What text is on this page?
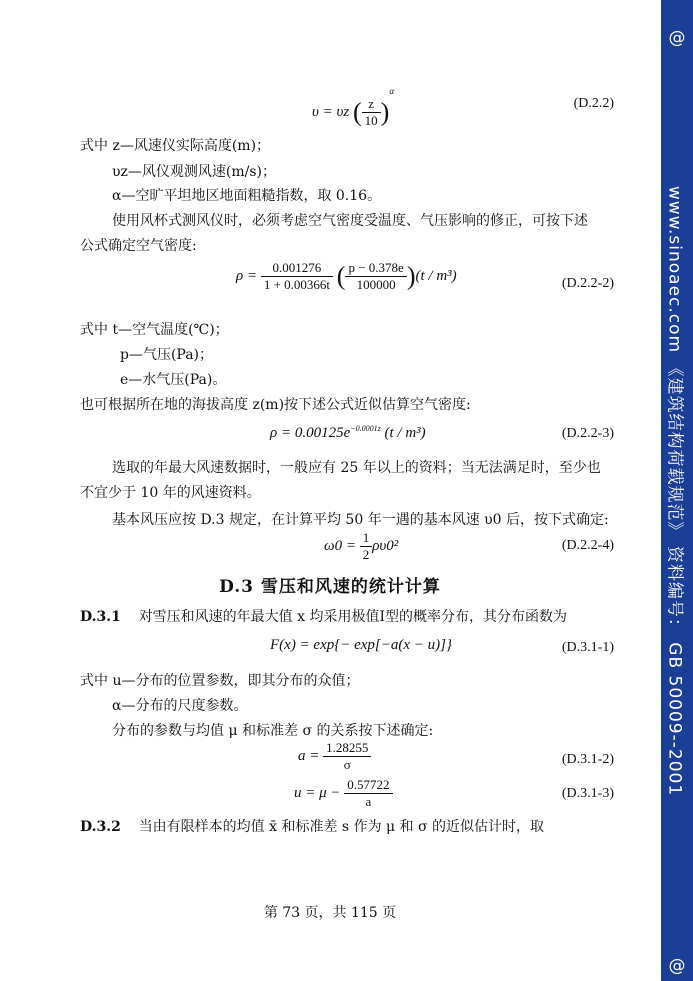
υ = υz ( $\frac{z}{10} )^\alpha$
(D.2.2)
式中 z—风速仪实际高度(m)；
υz—风仪观测风速(m/s)；
α—空旷平坦地区地面粗糙指数，取 0.16。
使用风杯式测风仪时，必须考虑空气密度受温度、气压影响的修正，可按下述
公式确定空气密度:
$\rho = \frac{0.001276}{1 + 0.00366t}$ ( $\frac{p - 0.378e}{100000} )(t / m^3)$	(D.2.2-2)
式中 t—空气温度(℃)；
p—气压(Pa)；
e—水气压(Pa)。
也可根据所在地的海拔高度 z(m)按下述公式近似估算空气密度:
$\rho = 0.00125e^{-0.0001z}$ (t / m³)	(D.2.2-3)
选取的年最大风速数据时，一般应有 25 年以上的资料；当无法满足时，至少也
不宜少于 10 年的风速资料。
基本风压应按 D.3 规定，在计算平均 50 年一遇的基本风速 υ0 后，按下式确定:
$\omega 0 = \frac{1}{2} \rho\upsilon 0^2$	(D.2.2-4)
D.3 雪压和风速的统计计算
D.3.1 对雪压和风速的年最大值 x 均采用极值Ⅰ型的概率分布，其分布函数为
F(x) = exp{− exp[−a(x − u)]}	(D.3.1-1)
式中 u—分布的位置参数，即其分布的众值；
α—分布的尺度参数。
分布的参数与均值 μ 和标准差 σ 的关系按下述确定:
$a = \frac{1.28255}{\sigma}$	(D.3.1-2)
$u = \mu - \frac{0.57722}{a}$	(D.3.1-3)
D.3.2 当由有限样本的均值 x̄ 和标准差 s 作为 μ 和 σ 的近似估计时，取
第 73 页，共 115 页
@
www.sinoaec.com 《建筑结构荷载规范》 资料编号： GB 50009--2001
@
